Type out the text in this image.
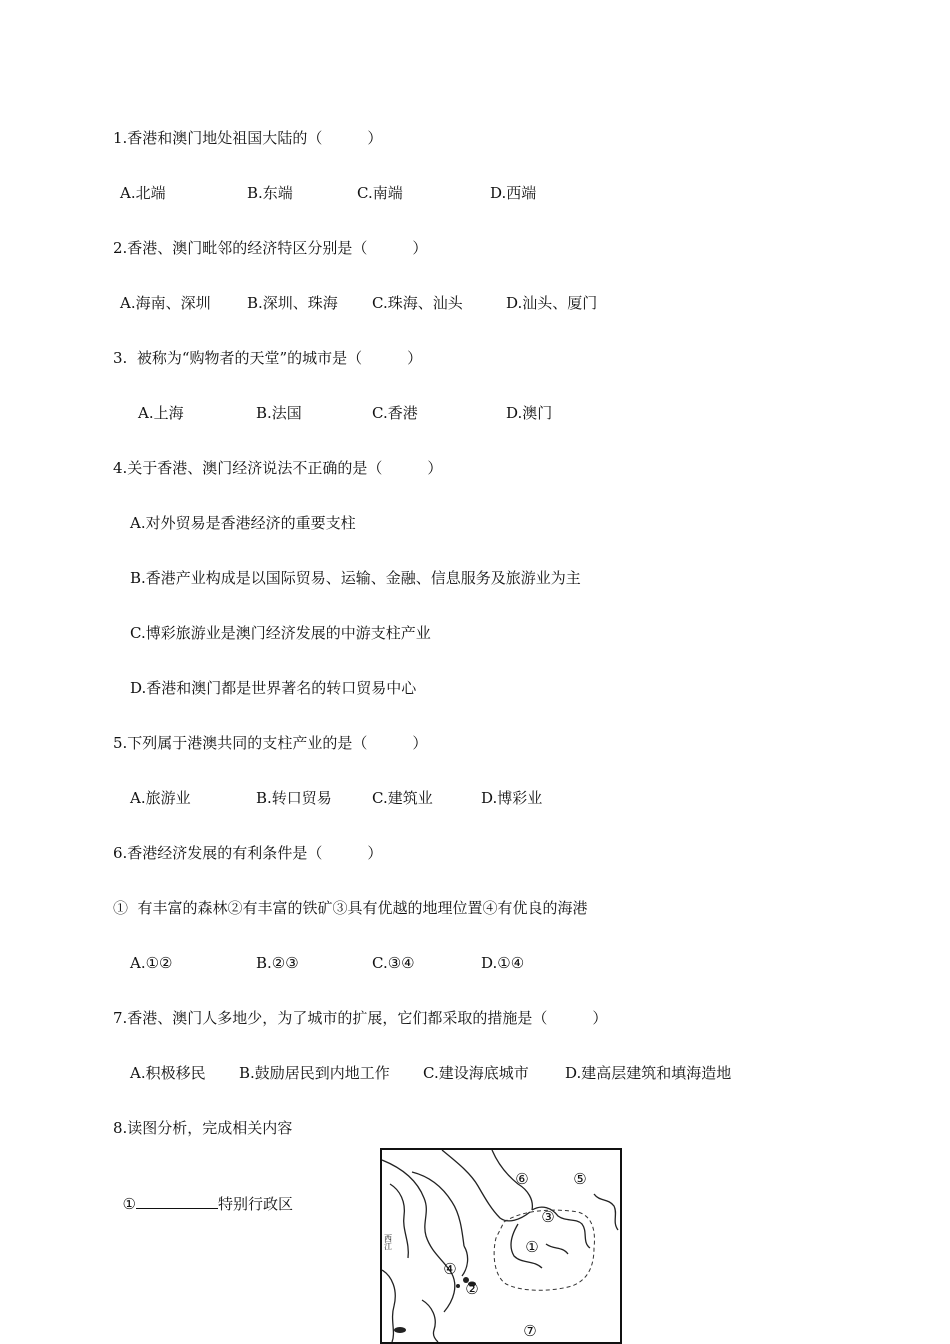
1.香港和澳门地处祖国大陆的（　　　）
A.北端	B.东端	C.南端	D.西端
2.香港、澳门毗邻的经济特区分别是（　　　）
A.海南、深圳 B.深圳、珠海 C.珠海、汕头	D.汕头、厦门
3.  被称为“购物者的天堂”的城市是（　　　）
A.上海	B.法国	C.香港	D.澳门
4.关于香港、澳门经济说法不正确的是（　　　）
A.对外贸易是香港经济的重要支柱
B.香港产业构成是以国际贸易、运输、金融、信息服务及旅游业为主
C.博彩旅游业是澳门经济发展的中游支柱产业
D.香港和澳门都是世界著名的转口贸易中心
5.下列属于港澳共同的支柱产业的是（　　　）
A.旅游业	B.转口贸易	C.建筑业	D.博彩业
6.香港经济发展的有利条件是（　　　）
①  有丰富的森林②有丰富的铁矿③具有优越的地理位置④有优良的海港
A.①②	B.②③	C.③④	D.①④
7.香港、澳门人多地少，为了城市的扩展，它们都采取的措施是（　　　）
A.积极移民 B.鼓励居民到内地工作 C.建设海底城市 D.建高层建筑和填海造地
8.读图分析，完成相关内容

①	特别行政区

①
②
③
④
⑤
⑥
⑦
西江
